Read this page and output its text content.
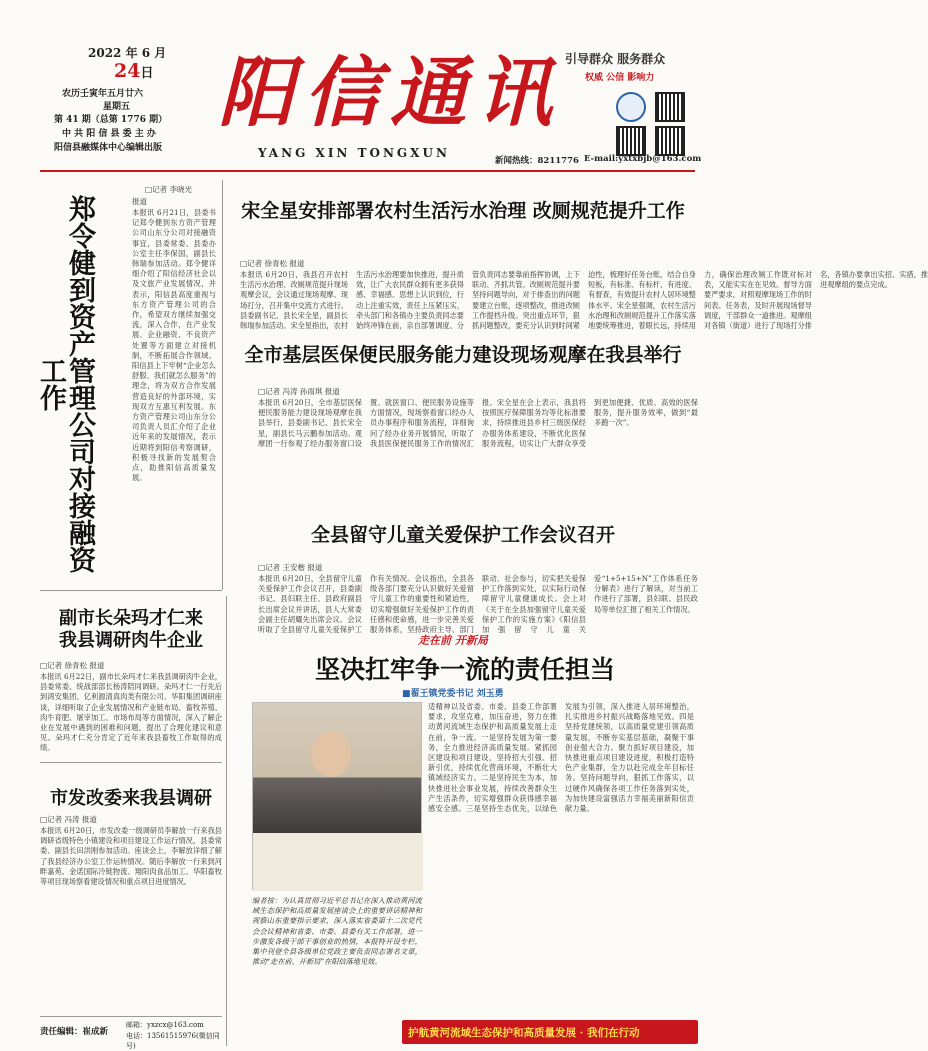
2022 年 6 月
24日
农历壬寅年五月廿六
星期五
第 41 期（总第 1776 期）
中 共 阳 信 县 委 主 办
阳信县融媒体中心编辑出版
阳信通讯
YANG XIN TONGXUN
引导群众 服务群众
权威 公信 影响力
新闻热线：8211776 E-mail:yxtxbjb@163.com
郑令健到资产管理公司对接融资工作
□记者 李晓光
报道
本报讯 6月21日，县委书记郑令健到东方资产管理公司山东分公司对接融资事宜，县委常委、县委办公室主任李保国，副县长韩瑞参加活动。郑令健详细介绍了阳信经济社会以及文旅产业发展情况，并表示，阳信县高度重视与东方资产管理公司的合作，希望双方继续加强交流，深入合作，在产业发展、企业融资、不良资产处置等方面建立对接机制，不断拓展合作领域。阳信县上下牢树“企业怎么舒服、我们就怎么服务”的理念，将为双方合作发展营造良好的外部环境，实现双方互惠互利发展。东方资产管理公司山东分公司负责人员汇介绍了企业近年来的发展情况，表示近期将到阳信考察调研，积极寻找新的发展契合点，助推阳信高质量发展。
宋全星安排部署农村生活污水治理 改厕规范提升工作
□记者 徐青松 报道
本报讯 6月20日，我县召开农村生活污水治理、改厕规范提升现场观摩会议，会议通过现场观摩、现场打分，召开集中交流方式进行。县委副书记、县长宋全星，副县长韩瑞参加活动。宋全星指出，农村生活污水治理要加快推进，提升质效，让广大农民群众拥有更多获得感、幸福感。思想上认识到位，行动上注重实效，责任上压紧压实，牵头部门和各镇办主要负责同志要始终冲锋在前，亲自部署调度、分管负责同志要靠前指挥协调，上下联动、齐抓共管。改厕规范提升要坚持问题导向，对于排查出的问题要建立台账，逐项整改，推进改厕工作提档升级。突出重点环节，狠抓问题整改，要充分认识到时间紧迫性，梳理好任务台账，结合自身短板，有标准、有标杆、有进度、有督查，有效提升农村人居环境整体水平。宋全星强调，农村生活污水治理和改厕规范提升工作落实落地要统筹推进，着眼长远，持续用力，确保治理改厕工作既对标对表，又能实实在在见效。督导方面要严要求，对照观摩现场工作的时间表、任务表，及时开展现场督导调度，干部群众一道推进。观摩组对各镇（街道）进行了现场打分排名，各镇办要拿出实招、实措，推进观摩组的要点完成。
全市基层医保便民服务能力建设现场观摩在我县举行
□记者 冯涛 孙雨琪 报道
本报讯 6月20日，全市基层医保便民服务能力建设现场观摩在我县举行，县委副书记、县长宋全星，副县长马云鹏参加活动。观摩团一行参观了经办服务窗口设置、就医窗口、便民服务设施等方面情况，现场察看窗口经办人员办事程序和服务流程，详细询问了经办业务开展情况，听取了我县医保便民服务工作的情况汇报。宋全星在会上表示，我县将按照医疗保障服务均等化标准要求，持续推进县乡村三级医保经办服务体系建设，不断优化医保服务流程，切实让广大群众享受到更加便捷、优质、高效的医保服务，提升服务效率，做到“最多跑一次”。
全县留守儿童关爱保护工作会议召开
□记者 王安楷 报道
本报讯 6月20日，全县留守儿童关爱保护工作会议召开，县委副书记、县妇联主任、县政府副县长出席会议并讲话，县人大常委会副主任胡耀先出席会议。会议听取了全县留守儿童关爱保护工作有关情况。会议指出，全县各级各部门要充分认识做好关爱留守儿童工作的重要性和紧迫性，切实增强做好关爱保护工作的责任感和使命感，进一步完善关爱服务体系，坚持政府主导、部门联动、社会参与，切实把关爱保护工作落到实处，以实际行动保障留守儿童健康成长。会上对《关于在全县加强留守儿童关爱保护工作的实施方案》《阳信县加强留守儿童关爱“1+5+15+N”工作体系任务分解表》进行了解读，对当前工作进行了部署，县妇联、县民政局等单位汇报了相关工作情况。
副市长朵玛才仁来
我县调研肉牛企业
□记者 徐青松 报道
本报讯 6月22日，副市长朵玛才仁来我县调研肉牛企业，县委常委、统战部部长杨涛陪同调研。朵玛才仁一行先后到鸿安集团、亿利源清真肉类有限公司、华阳集团调研座谈，详细听取了企业发展情况和产业链布局、畜牧养殖、肉牛育肥、屠宰加工、市场布局等方面情况，深入了解企业在发展中遇到的困难和问题，提出了合理化建议和意见。朵玛才仁充分肯定了近年来我县畜牧工作取得的成绩。
市发改委来我县调研
□记者 冯涛 报道
本报讯 6月20日，市发改委一级调研员李解放一行来我县调研省级特色小镇建设和项目建设工作运行情况，县委常委、副县长田洪刚参加活动。座谈会上，李解放详细了解了我县经济办公室工作运转情况。随后李解放一行来到河畔嘉苑、金诺国际冷链物流、翔阳肉食品加工、华阳畜牧等项目现场察看建设情况和重点项目进度情况。
责任编辑：崔成新
邮箱：yxzcx@163.com
电话：13561515976(微信同号)
走在前 开新局
坚决扛牢争一流的责任担当
■翟王镇党委书记 刘玉勇
编者按：为认真贯彻习近平总书记在深入推动黄河流域生态保护和高质量发展座谈会上的重要讲话精神和视察山东重要指示要求，深入落实省委第十二次党代会会议精神和省委、市委、县委有关工作部署，进一步激发各级干部干事创业的热情，本报特开设专栏，集中刊登全县各级单位党政主要负责同志署名文章，推动“走在前、开新局”在阳信落地见效。
适精神以及省委、市委、县委工作部署要求，攻坚克难，加压奋进，努力在推动黄河流域生态保护和高质量发展上走在前，争一流。一是坚持发展为第一要务，全力推进经济高质量发展。紧抓园区建设和项目建设，坚持招大引强、招新引优，持续优化营商环境，不断壮大镇域经济实力。二是坚持民生为本，加快推进社会事业发展，持续改善群众生产生活条件，切实增强群众获得感幸福感安全感。三是坚持生态优先，以绿色发展为引领，深入推进人居环境整治，扎实推进乡村振兴战略落地见效。四是坚持党建统领，以高质量党建引领高质量发展，不断夯实基层基础，凝聚干事创业强大合力。聚力抓好项目建设，加快推进重点项目建设进度，积极打造特色产业集群，全力以赴完成全年目标任务。坚持问题导向，狠抓工作落实，以过硬作风确保各项工作任务落到实处，为加快建设富强活力幸福美丽新阳信贡献力量。
护航黄河流域生态保护和高质量发展 · 我们在行动
